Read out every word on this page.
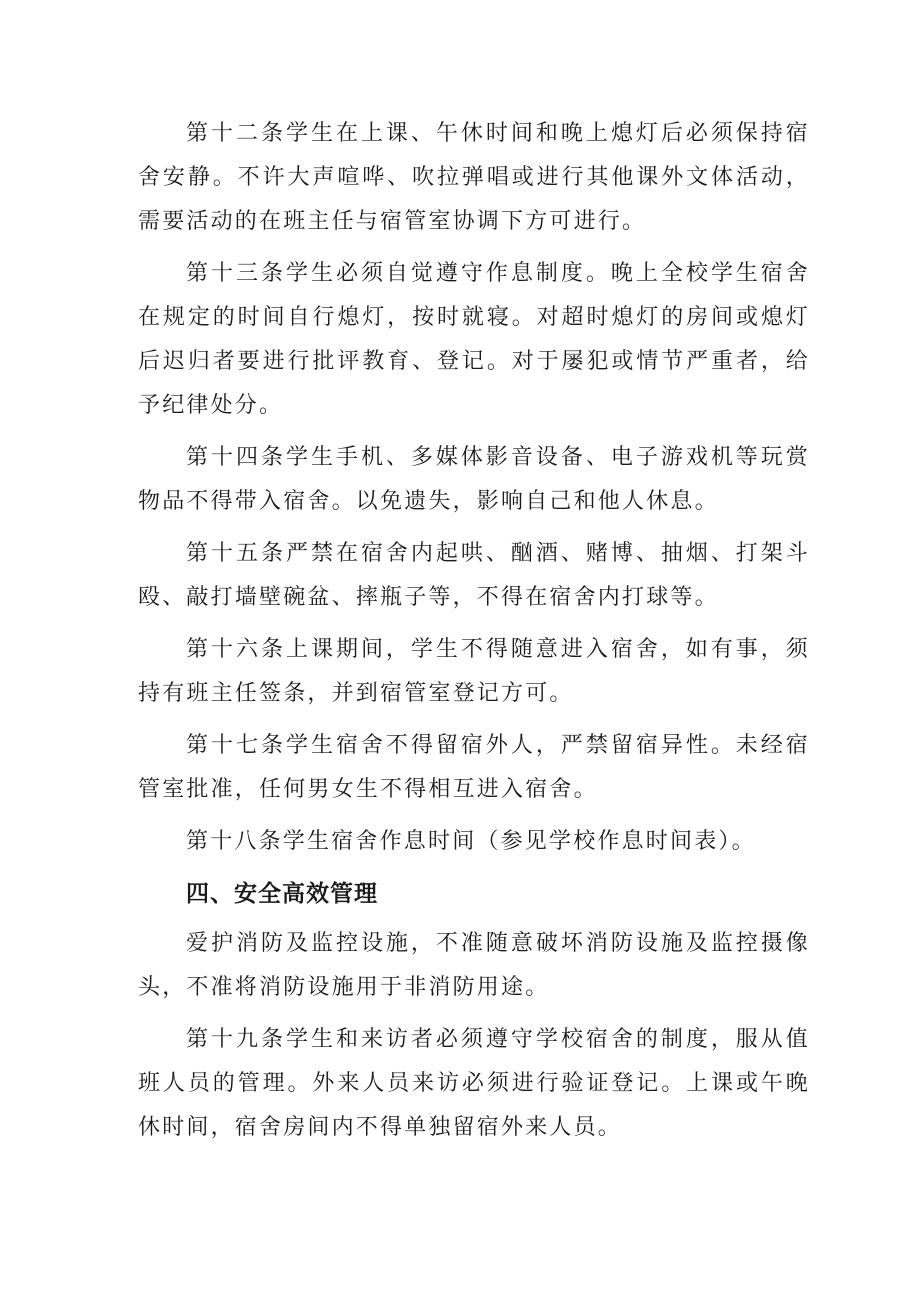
第十二条学生在上课、午休时间和晚上熄灯后必须保持宿舍安静。不许大声喧哗、吹拉弹唱或进行其他课外文体活动，需要活动的在班主任与宿管室协调下方可进行。

第十三条学生必须自觉遵守作息制度。晚上全校学生宿舍在规定的时间自行熄灯，按时就寝。对超时熄灯的房间或熄灯后迟归者要进行批评教育、登记。对于屡犯或情节严重者，给予纪律处分。

第十四条学生手机、多媒体影音设备、电子游戏机等玩赏物品不得带入宿舍。以免遗失，影响自己和他人休息。

第十五条严禁在宿舍内起哄、酗酒、赌博、抽烟、打架斗殴、敲打墙壁碗盆、摔瓶子等，不得在宿舍内打球等。

第十六条上课期间，学生不得随意进入宿舍，如有事，须持有班主任签条，并到宿管室登记方可。

第十七条学生宿舍不得留宿外人，严禁留宿异性。未经宿管室批准，任何男女生不得相互进入宿舍。

第十八条学生宿舍作息时间（参见学校作息时间表）。

四、安全高效管理

爱护消防及监控设施，不准随意破坏消防设施及监控摄像头，不准将消防设施用于非消防用途。

第十九条学生和来访者必须遵守学校宿舍的制度，服从值班人员的管理。外来人员来访必须进行验证登记。上课或午晚休时间，宿舍房间内不得单独留宿外来人员。
